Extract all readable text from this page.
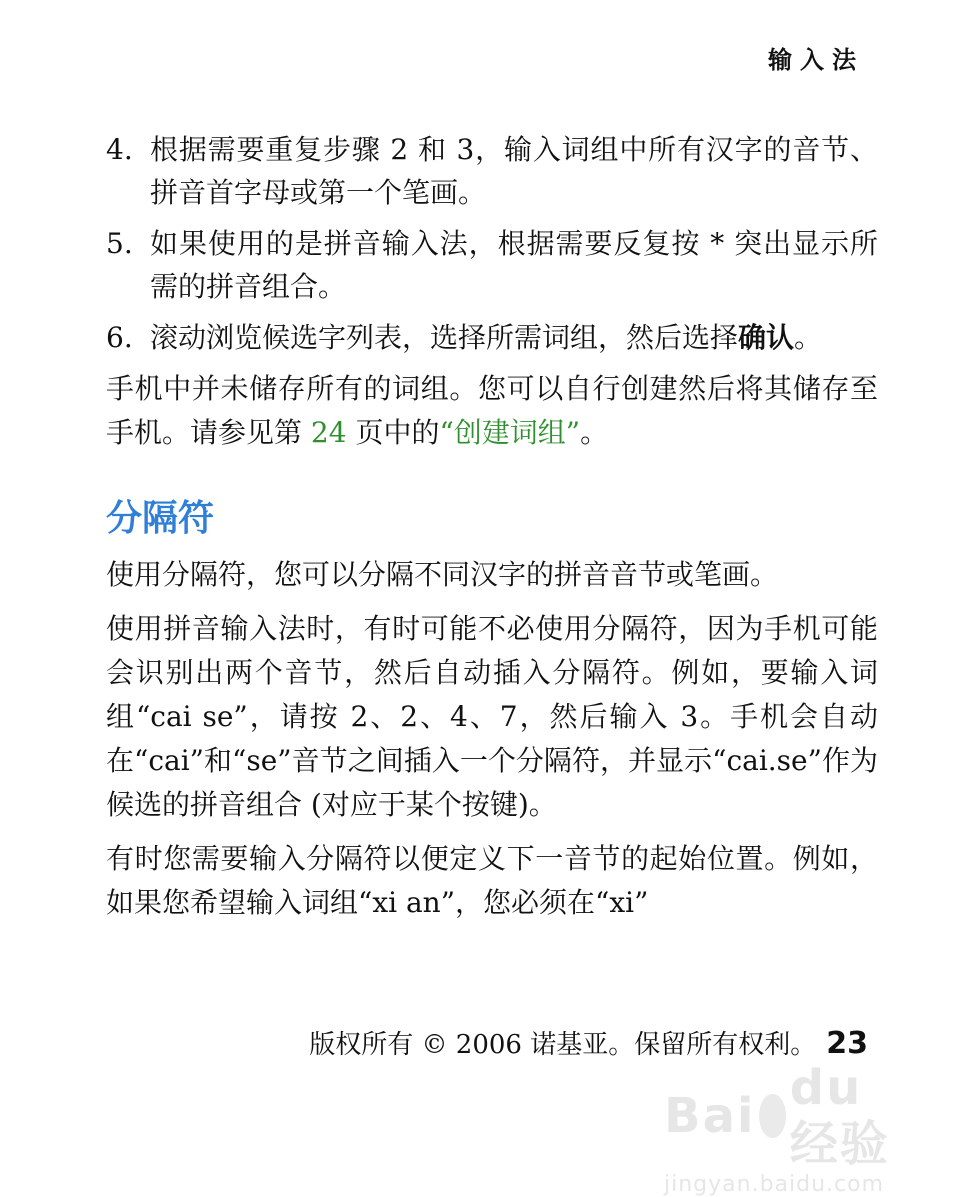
输入法
4. 根据需要重复步骤 2 和 3，输入词组中所有汉字的音节、拼音首字母或第一个笔画。
5. 如果使用的是拼音输入法，根据需要反复按 * 突出显示所需的拼音组合。
6. 滚动浏览候选字列表，选择所需词组，然后选择确认。

手机中并未储存所有的词组。您可以自行创建然后将其储存至手机。请参见第 24 页中的“创建词组”。

分隔符

使用分隔符，您可以分隔不同汉字的拼音音节或笔画。

使用拼音输入法时，有时可能不必使用分隔符，因为手机可能会识别出两个音节，然后自动插入分隔符。例如，要输入词组“cai se”，请按 2、2、4、7，然后输入 3。手机会自动在“cai”和“se”音节之间插入一个分隔符，并显示“cai.se”作为候选的拼音组合 (对应于某个按键)。

有时您需要输入分隔符以便定义下一音节的起始位置。例如，如果您希望输入词组“xi an”，您必须在“xi”

版权所有 © 2006 诺基亚。保留所有权利。 23
Bai du 经验
jingyan.baidu.com
